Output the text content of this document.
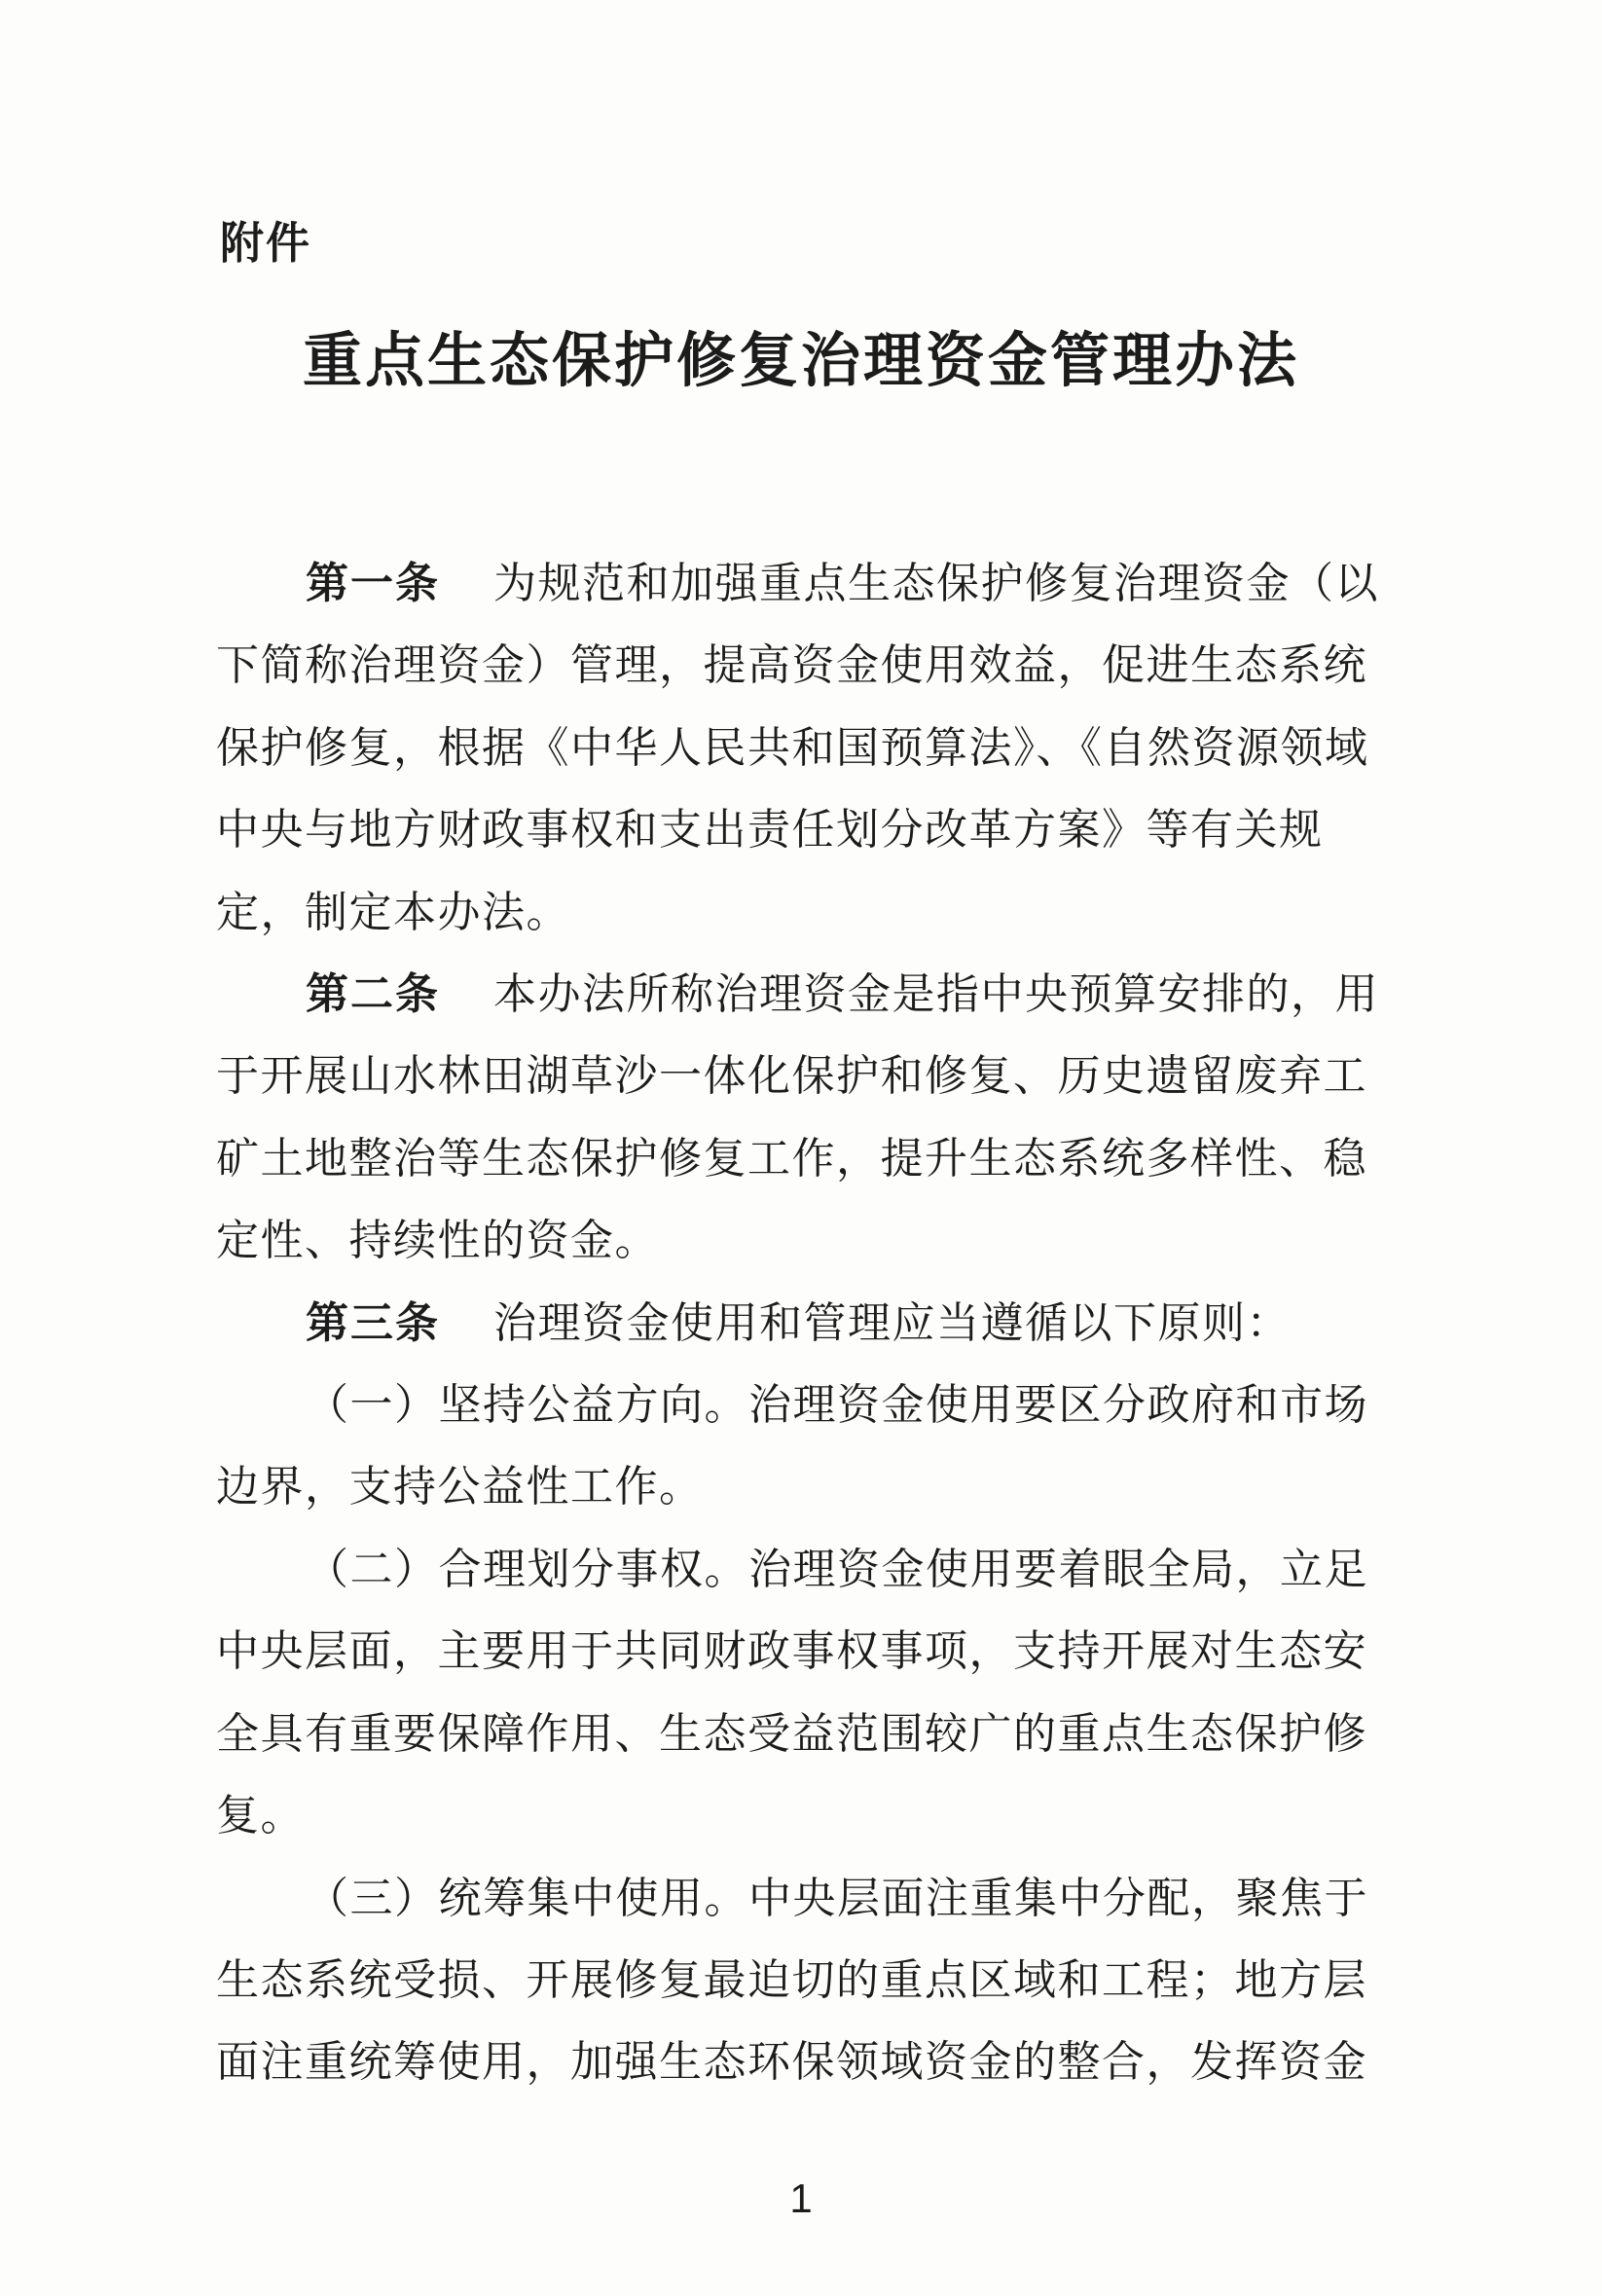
附件
重点生态保护修复治理资金管理办法
第一条 为规范和加强重点生态保护修复治理资金（以
下简称治理资金）管理，提高资金使用效益，促进生态系统
保护修复，根据《中华人民共和国预算法》、《自然资源领域
中央与地方财政事权和支出责任划分改革方案》等有关规
定，制定本办法。
第二条 本办法所称治理资金是指中央预算安排的，用
于开展山水林田湖草沙一体化保护和修复、历史遗留废弃工
矿土地整治等生态保护修复工作，提升生态系统多样性、稳
定性、持续性的资金。
第三条 治理资金使用和管理应当遵循以下原则：
（一）坚持公益方向。治理资金使用要区分政府和市场
边界，支持公益性工作。
（二）合理划分事权。治理资金使用要着眼全局，立足
中央层面，主要用于共同财政事权事项，支持开展对生态安
全具有重要保障作用、生态受益范围较广的重点生态保护修
复。
（三）统筹集中使用。中央层面注重集中分配，聚焦于
生态系统受损、开展修复最迫切的重点区域和工程；地方层
面注重统筹使用，加强生态环保领域资金的整合，发挥资金
1
